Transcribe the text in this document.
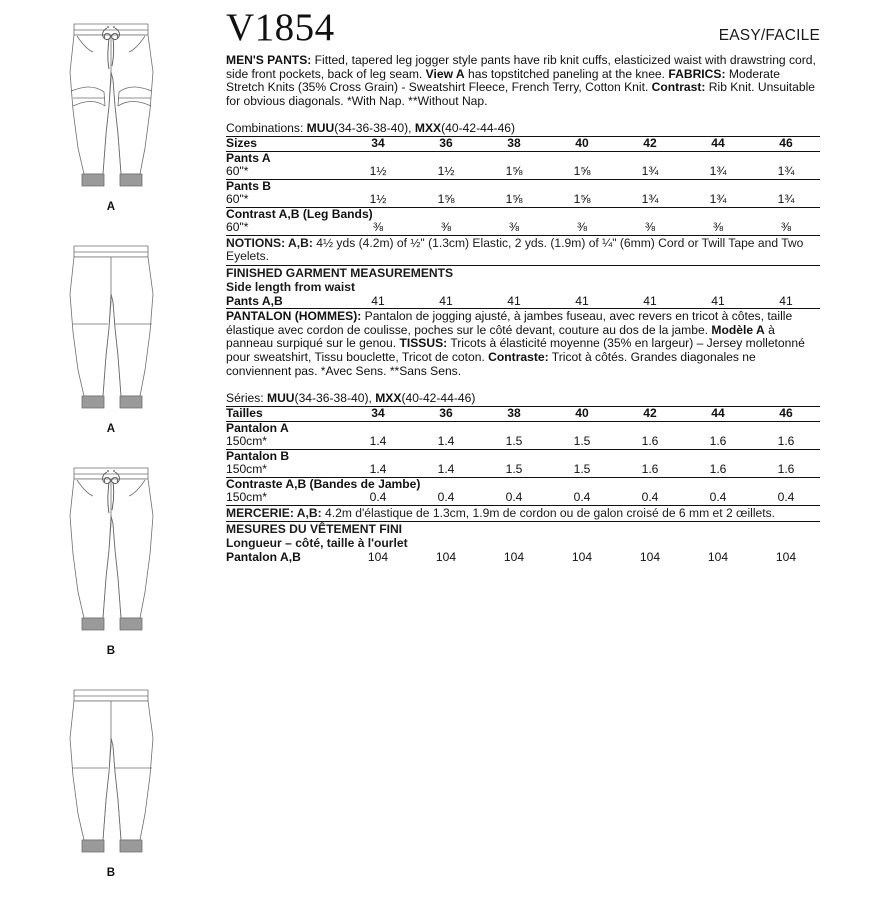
A
A
B
B
V1854	EASY/FACILE

MEN'S PANTS: Fitted, tapered leg jogger style pants have rib knit cuffs, elasticized waist with drawstring cord, side front pockets, back of leg seam. View A has topstitched paneling at the knee. FABRICS: Moderate Stretch Knits (35% Cross Grain) - Sweatshirt Fleece, French Terry, Cotton Knit. Contrast: Rib Knit. Unsuitable for obvious diagonals. *With Nap. **Without Nap.

Combinations: MUU(34-36-38-40), MXX(40-42-44-46)
Sizes	34	36	38	40	42	44	46
Pants A							
60"*	1½	1½	1⅝	1⅝	1¾	1¾	1¾
Pants B							
60"*	1½	1⅝	1⅝	1⅝	1¾	1¾	1¾
Contrast A,B (Leg Bands)							
60"*	⅜	⅜	⅜	⅜	⅜	⅜	⅜
NOTIONS: A,B: 4½ yds (4.2m) of ½" (1.3cm) Elastic, 2 yds. (1.9m) of ¼" (6mm) Cord or Twill Tape and Two Eyelets.
FINISHED GARMENT MEASUREMENTS
Side length from waist
Pants A,B	41	41	41	41	41	41	41

PANTALON (HOMMES): Pantalon de jogging ajusté, à jambes fuseau, avec revers en tricot à côtes, taille élastique avec cordon de coulisse, poches sur le côté devant, couture au dos de la jambe. Modèle A à panneau surpiqué sur le genou. TISSUS: Tricots à élasticité moyenne (35% en largeur) – Jersey molletonné pour sweatshirt, Tissu bouclette, Tricot de coton. Contraste: Tricot à côtés. Grandes diagonales ne conviennent pas. *Avec Sens. **Sans Sens.

Séries: MUU(34-36-38-40), MXX(40-42-44-46)
Tailles	34	36	38	40	42	44	46
Pantalon A							
150cm*	1.4	1.4	1.5	1.5	1.6	1.6	1.6
Pantalon B							
150cm*	1.4	1.4	1.5	1.5	1.6	1.6	1.6
Contraste A,B (Bandes de Jambe)							
150cm*	0.4	0.4	0.4	0.4	0.4	0.4	0.4
MERCERIE: A,B: 4.2m d'élastique de 1.3cm, 1.9m de cordon ou de galon croisé de 6 mm et 2 œillets.
MESURES DU VÊTEMENT FINI
Longueur – côté, taille à l'ourlet
Pantalon A,B	104	104	104	104	104	104	104
